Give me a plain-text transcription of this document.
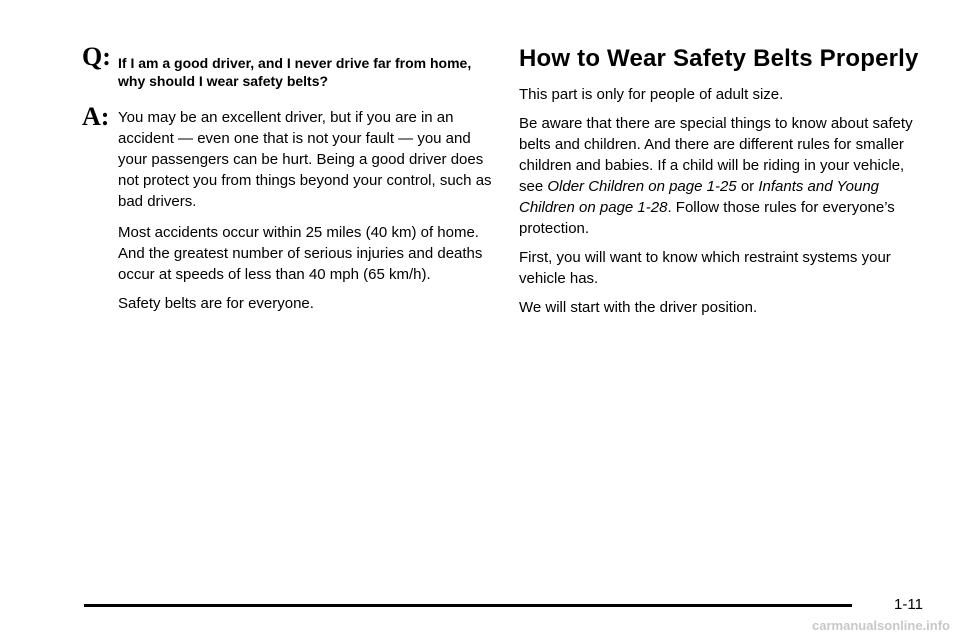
Q: If I am a good driver, and I never drive far from home, why should I wear safety belts?
A: You may be an excellent driver, but if you are in an accident — even one that is not your fault — you and your passengers can be hurt. Being a good driver does not protect you from things beyond your control, such as bad drivers.

Most accidents occur within 25 miles (40 km) of home. And the greatest number of serious injuries and deaths occur at speeds of less than 40 mph (65 km/h).

Safety belts are for everyone.

How to Wear Safety Belts Properly

This part is only for people of adult size.

Be aware that there are special things to know about safety belts and children. And there are different rules for smaller children and babies. If a child will be riding in your vehicle, see Older Children on page 1-25 or Infants and Young Children on page 1-28. Follow those rules for everyone’s protection.

First, you will want to know which restraint systems your vehicle has.

We will start with the driver position.

1-11
carmanualsonline.info
